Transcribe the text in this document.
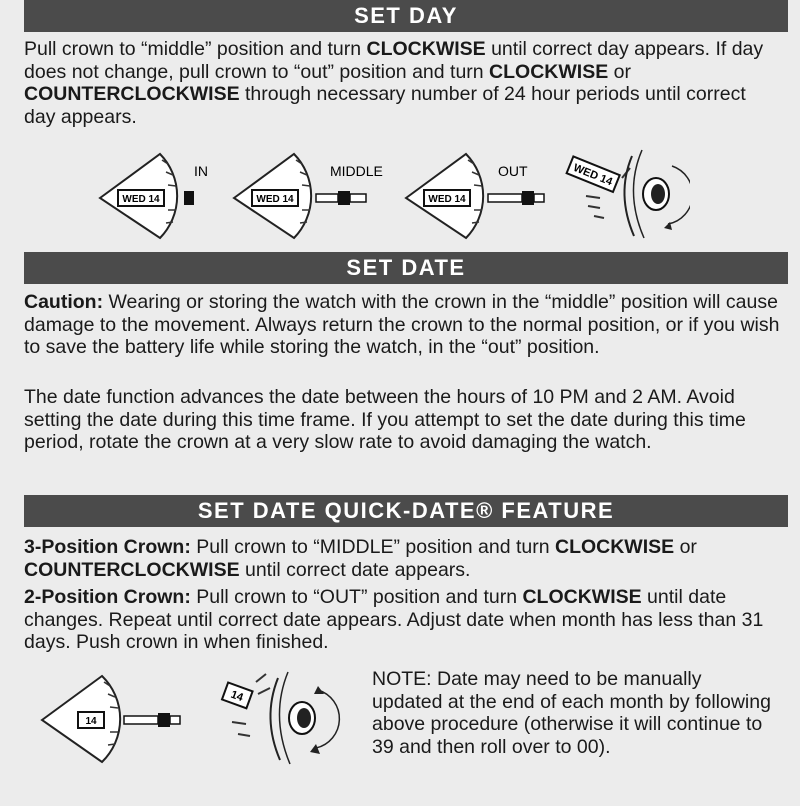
SET DAY

Pull crown to “middle” position and turn CLOCKWISE until correct day appears. If day does not change, pull crown to “out” position and turn CLOCKWISE or COUNTERCLOCKWISE through necessary number of 24 hour periods until correct day appears.

WED 14
IN
WED 14
MIDDLE
WED 14
OUT	WED 14
SET DATE

Caution: Wearing or storing the watch with the crown in the “middle” position will cause damage to the movement. Always return the crown to the normal position, or if you wish to save the battery life while storing the watch, in the “out” position.

The date function advances the date between the hours of 10 PM and 2 AM. Avoid setting the date during this time frame. If you attempt to set the date during this time period, rotate the crown at a very slow rate to avoid damaging the watch.

SET DATE QUICK-DATE® FEATURE

3-Position Crown: Pull crown to “MIDDLE” position and turn CLOCKWISE or COUNTERCLOCKWISE until correct date appears.

2-Position Crown: Pull crown to “OUT” position and turn CLOCKWISE until date changes. Repeat until correct date appears. Adjust date when month has less than 31 days. Push crown in when finished.

14
14
NOTE: Date may need to be manually updated at the end of each month by following above procedure (otherwise it will continue to 39 and then roll over to 00).
